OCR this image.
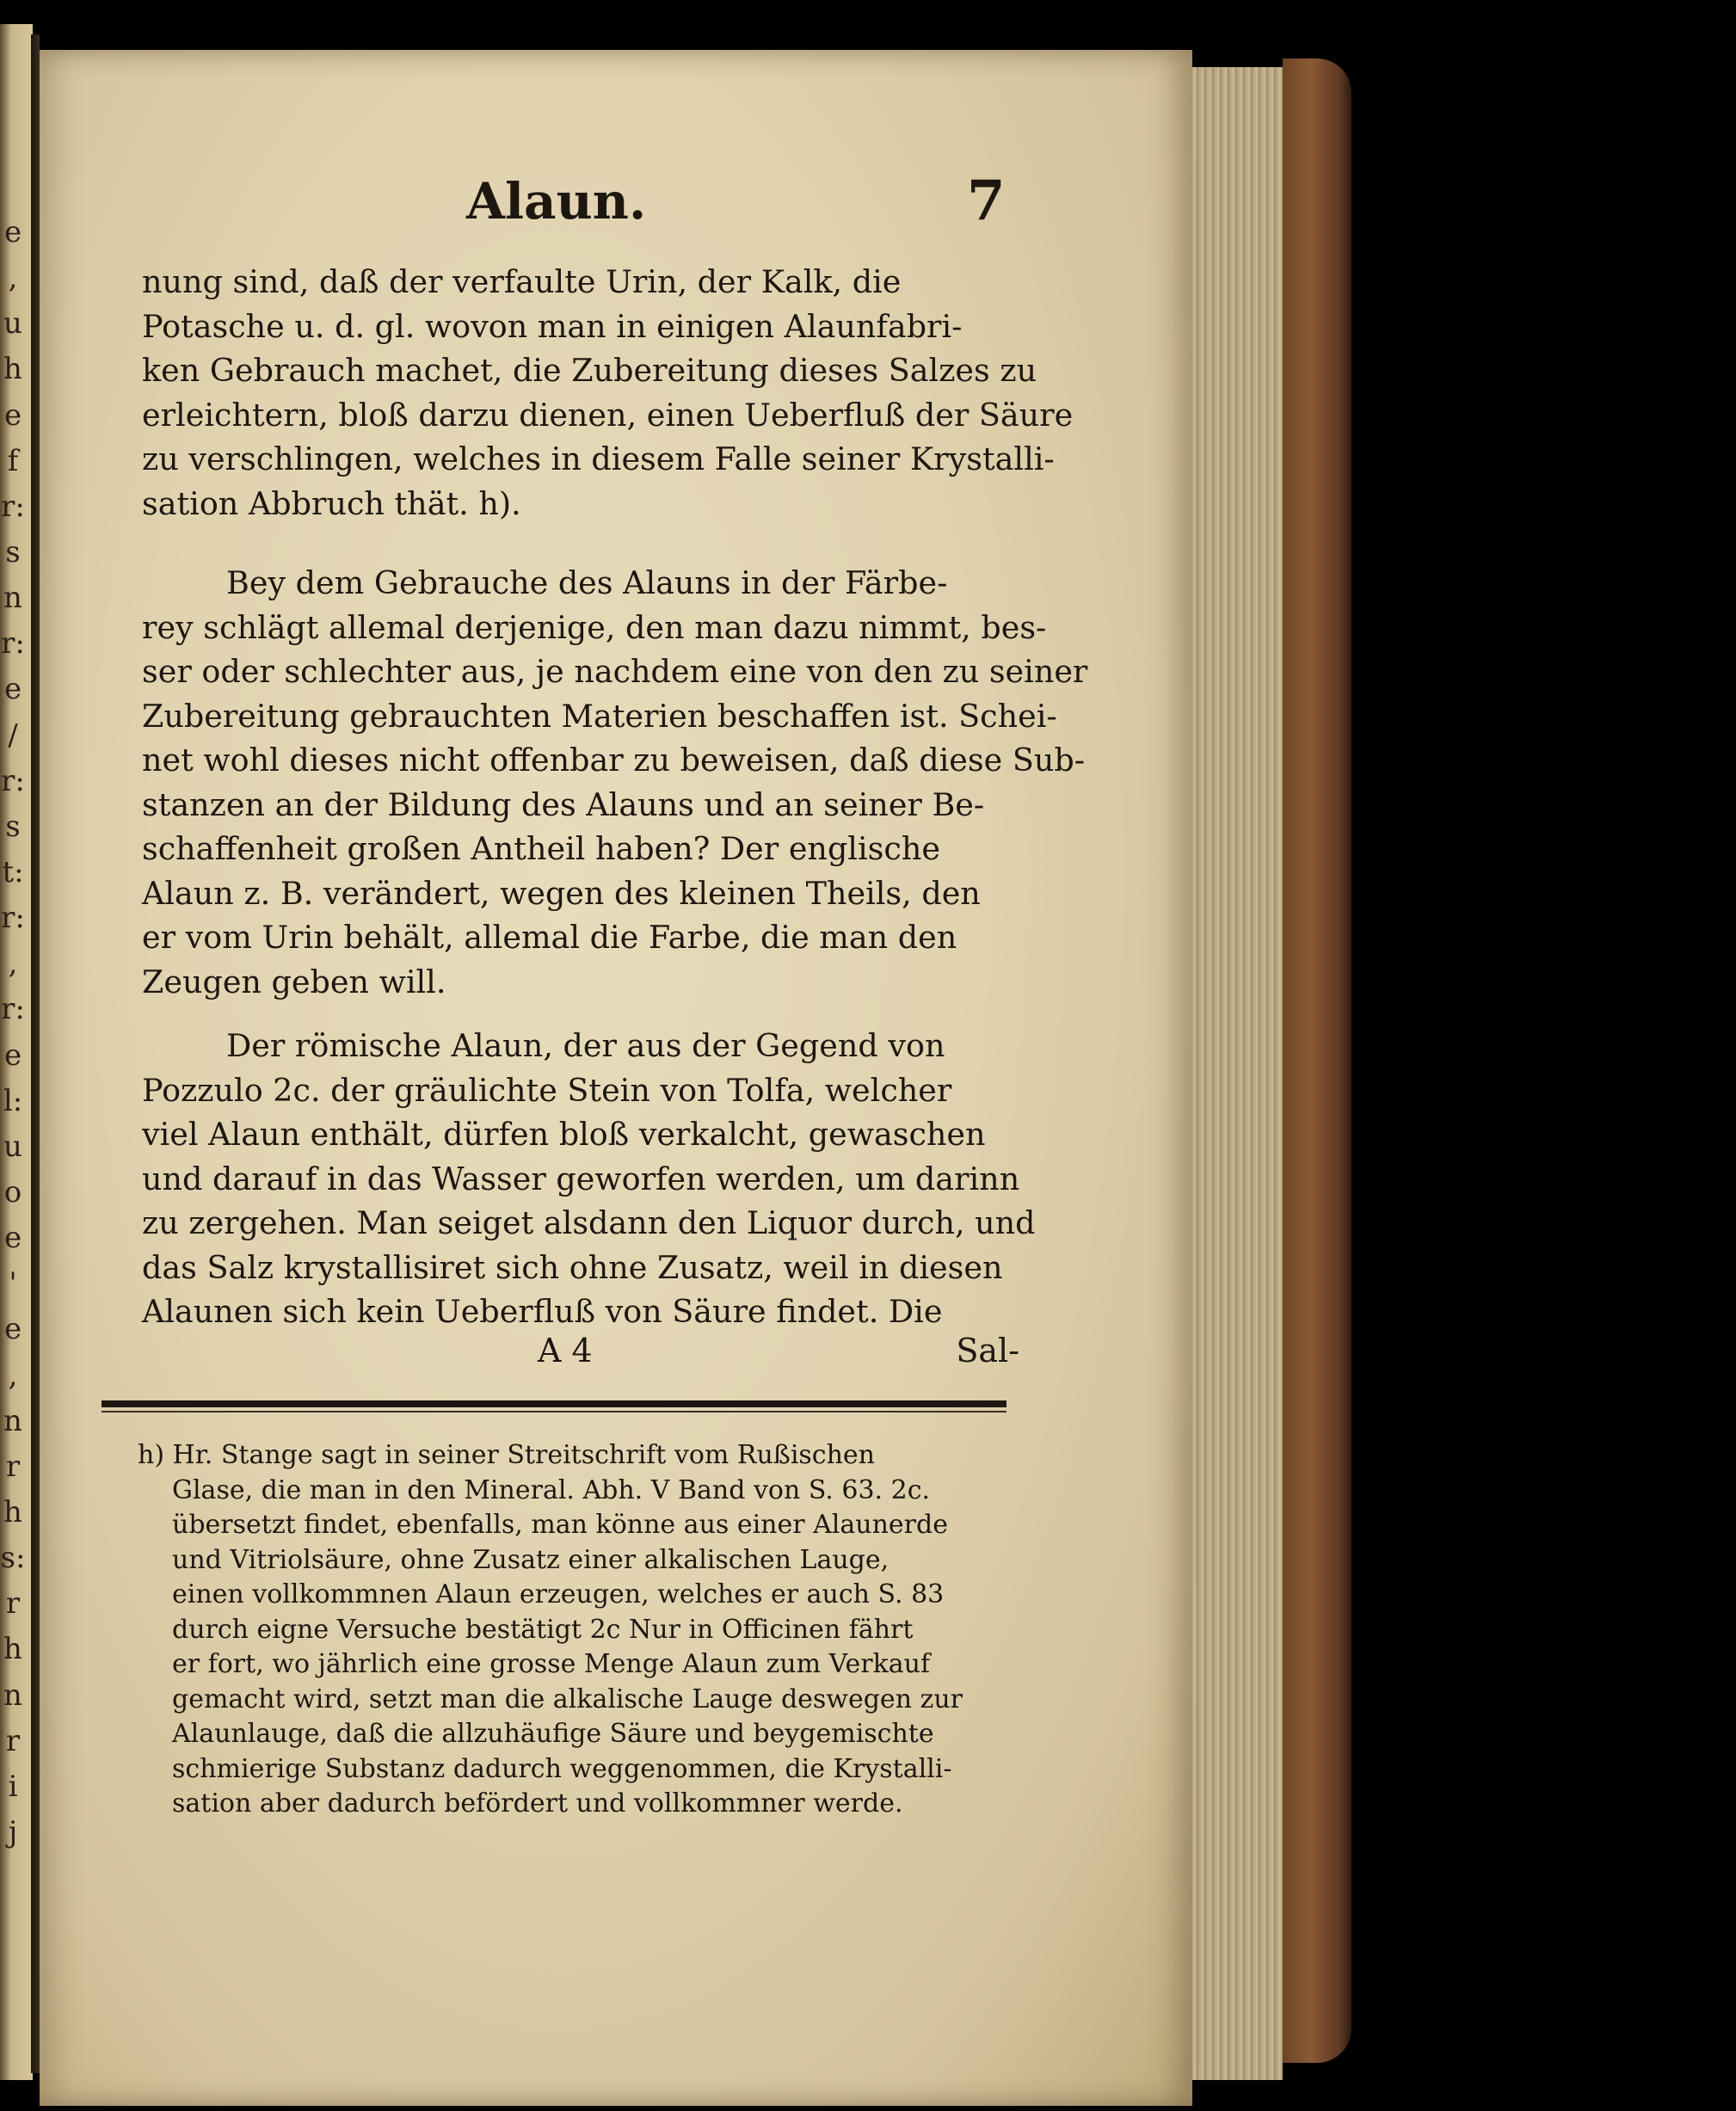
e
,
u
h
e
f
r:
s
n
r:
e
/
r:
s
t:
r:
,
r:
e
l:
u
o
e
'
e
,
n
r
h
s:
r
h
n
r
i
j
Alaun.	7
nung sind, daß der verfaulte Urin, der Kalk, die
Potasche u. d. gl. wovon man in einigen Alaunfabri-
ken Gebrauch machet, die Zubereitung dieses Salzes zu
erleichtern, bloß darzu dienen, einen Ueberfluß der Säure
zu verschlingen, welches in diesem Falle seiner Krystalli-
sation Abbruch thät. h).
Bey dem Gebrauche des Alauns in der Färbe-
rey schlägt allemal derjenige, den man dazu nimmt, bes-
ser oder schlechter aus, je nachdem eine von den zu seiner
Zubereitung gebrauchten Materien beschaffen ist. Schei-
net wohl dieses nicht offenbar zu beweisen, daß diese Sub-
stanzen an der Bildung des Alauns und an seiner Be-
schaffenheit großen Antheil haben? Der englische
Alaun z. B. verändert, wegen des kleinen Theils, den
er vom Urin behält, allemal die Farbe, die man den
Zeugen geben will.
Der römische Alaun, der aus der Gegend von
Pozzulo 2c. der gräulichte Stein von Tolfa, welcher
viel Alaun enthält, dürfen bloß verkalcht, gewaschen
und darauf in das Wasser geworfen werden, um darinn
zu zergehen. Man seiget alsdann den Liquor durch, und
das Salz krystallisiret sich ohne Zusatz, weil in diesen
Alaunen sich kein Ueberfluß von Säure findet. Die
A 4	Sal-
h) Hr. Stange sagt in seiner Streitschrift vom Rußischen
Glase, die man in den Mineral. Abh. V Band von S. 63. 2c.
übersetzt findet, ebenfalls, man könne aus einer Alaunerde
und Vitriolsäure, ohne Zusatz einer alkalischen Lauge,
einen vollkommnen Alaun erzeugen, welches er auch S. 83
durch eigne Versuche bestätigt 2c Nur in Officinen fährt
er fort, wo jährlich eine grosse Menge Alaun zum Verkauf
gemacht wird, setzt man die alkalische Lauge deswegen zur
Alaunlauge, daß die allzuhäufige Säure und beygemischte
schmierige Substanz dadurch weggenommen, die Krystalli-
sation aber dadurch befördert und vollkommner werde.
